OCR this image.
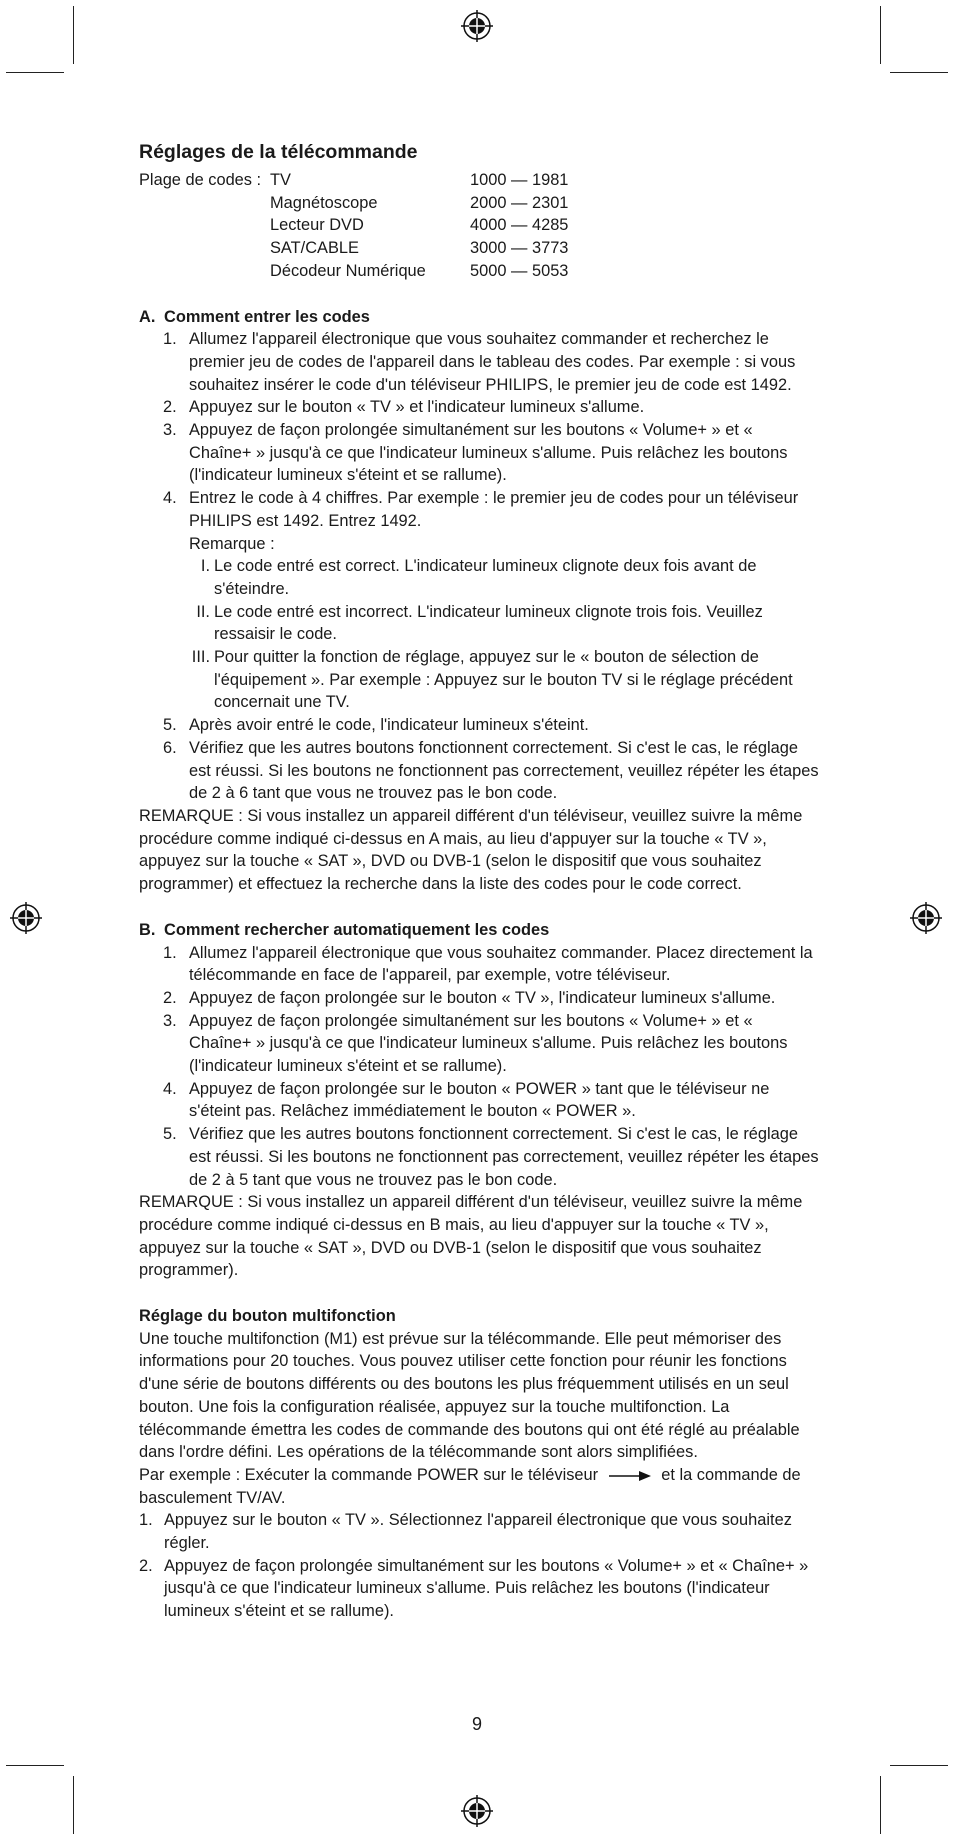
Réglages de la télécommande
Plage de codes : TV	1000 — 1981
Magnétoscope	2000 — 2301
Lecteur DVD	4000 — 4285
SAT/CABLE	3000 — 3773
Décodeur Numérique	5000 — 5053
A. Comment entrer les codes
1. Allumez l'appareil électronique que vous souhaitez commander et recherchez le premier jeu de codes de l'appareil dans le tableau des codes. Par exemple : si vous souhaitez insérer le code d'un téléviseur PHILIPS, le premier jeu de code est 1492.
2. Appuyez sur le bouton « TV » et l'indicateur lumineux s'allume.
3. Appuyez de façon prolongée simultanément sur les boutons « Volume+ » et « Chaîne+ » jusqu'à ce que l'indicateur lumineux s'allume. Puis relâchez les boutons (l'indicateur lumineux s'éteint et se rallume).
4. Entrez le code à 4 chiffres. Par exemple : le premier jeu de codes pour un téléviseur PHILIPS est 1492. Entrez 1492.
Remarque :
I. Le code entré est correct. L'indicateur lumineux clignote deux fois avant de s'éteindre.
II. Le code entré est incorrect. L'indicateur lumineux clignote trois fois. Veuillez ressaisir le code.
III. Pour quitter la fonction de réglage, appuyez sur le « bouton de sélection de l'équipement ». Par exemple : Appuyez sur le bouton TV si le réglage précédent concernait une TV.
5. Après avoir entré le code, l'indicateur lumineux s'éteint.
6. Vérifiez que les autres boutons fonctionnent correctement. Si c'est le cas, le réglage est réussi. Si les boutons ne fonctionnent pas correctement, veuillez répéter les étapes de 2 à 6 tant que vous ne trouvez pas le bon code.

REMARQUE : Si vous installez un appareil différent d'un téléviseur, veuillez suivre la même procédure comme indiqué ci-dessus en A mais, au lieu d'appuyer sur la touche « TV », appuyez sur la touche « SAT », DVD ou DVB-1 (selon le dispositif que vous souhaitez programmer) et effectuez la recherche dans la liste des codes pour le code correct.

B. Comment rechercher automatiquement les codes
1. Allumez l'appareil électronique que vous souhaitez commander. Placez directement la télécommande en face de l'appareil, par exemple, votre téléviseur.
2. Appuyez de façon prolongée sur le bouton « TV », l'indicateur lumineux s'allume.
3. Appuyez de façon prolongée simultanément sur les boutons « Volume+ » et « Chaîne+ » jusqu'à ce que l'indicateur lumineux s'allume. Puis relâchez les boutons (l'indicateur lumineux s'éteint et se rallume).
4. Appuyez de façon prolongée sur le bouton « POWER » tant que le téléviseur ne s'éteint pas. Relâchez immédiatement le bouton « POWER ».
5. Vérifiez que les autres boutons fonctionnent correctement. Si c'est le cas, le réglage est réussi. Si les boutons ne fonctionnent pas correctement, veuillez répéter les étapes de 2 à 5 tant que vous ne trouvez pas le bon code.

REMARQUE : Si vous installez un appareil différent d'un téléviseur, veuillez suivre la même procédure comme indiqué ci-dessus en B mais, au lieu d'appuyer sur la touche « TV », appuyez sur la touche « SAT », DVD ou DVB-1 (selon le dispositif que vous souhaitez programmer).

Réglage du bouton multifonction

Une touche multifonction (M1) est prévue sur la télécommande. Elle peut mémoriser des informations pour 20 touches. Vous pouvez utiliser cette fonction pour réunir les fonctions d'une série de boutons différents ou des boutons les plus fréquemment utilisés en un seul bouton. Une fois la configuration réalisée, appuyez sur la touche multifonction. La télécommande émettra les codes de commande des boutons qui ont été réglé au préalable dans l'ordre défini. Les opérations de la télécommande sont alors simplifiées.

Par exemple : Exécuter la commande POWER sur le téléviseur	et la commande de basculement TV/AV.

1. Appuyez sur le bouton « TV ». Sélectionnez l'appareil électronique que vous souhaitez régler.
2. Appuyez de façon prolongée simultanément sur les boutons « Volume+ » et « Chaîne+ » jusqu'à ce que l'indicateur lumineux s'allume. Puis relâchez les boutons (l'indicateur lumineux s'éteint et se rallume).
9
